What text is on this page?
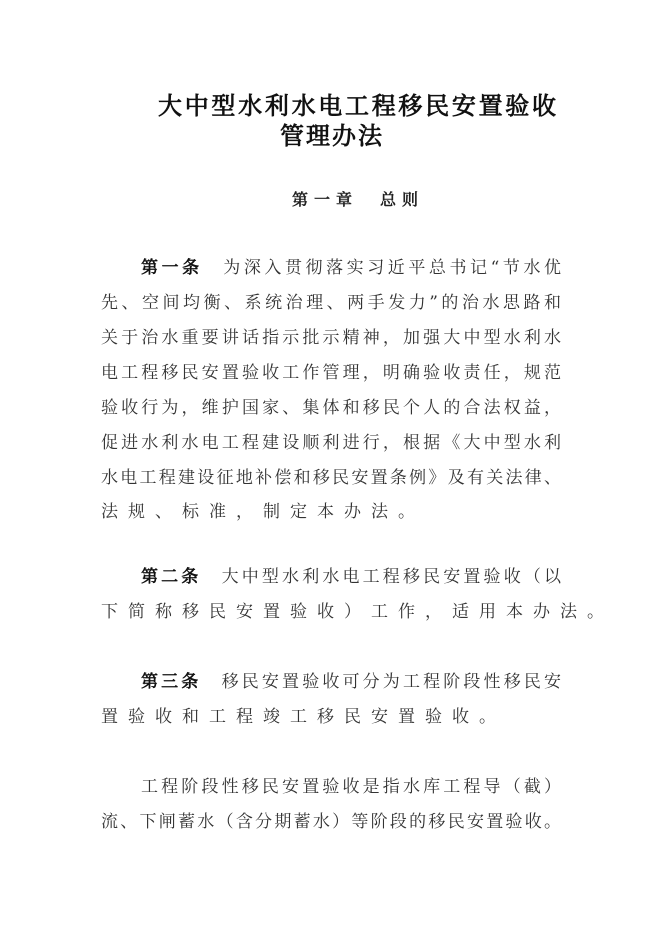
大中型水利水电工程移民安置验收
管理办法
第一章　总则
第一条　 为深入贯彻落实习近平总书记“节水优
先、空间均衡、系统治理、两手发力”的治水思路和
关于治水重要讲话指示批示精神，加强大中型水利水
电工程移民安置验收工作管理，明确验收责任，规范
验收行为，维护国家、集体和移民个人的合法权益，
促进水利水电工程建设顺利进行，根据《大中型水利
水电工程建设征地补偿和移民安置条例》及有关法律、
法规、标准，制定本办法。
第二条　 大中型水利水电工程移民安置验收（以
下简称移民安置验收）工作，适用本办法。
第三条　 移民安置验收可分为工程阶段性移民安
置验收和工程竣工移民安置验收。
工程阶段性移民安置验收是指水库工程导（截）
流、下闸蓄水（含分期蓄水）等阶段的移民安置验收。
